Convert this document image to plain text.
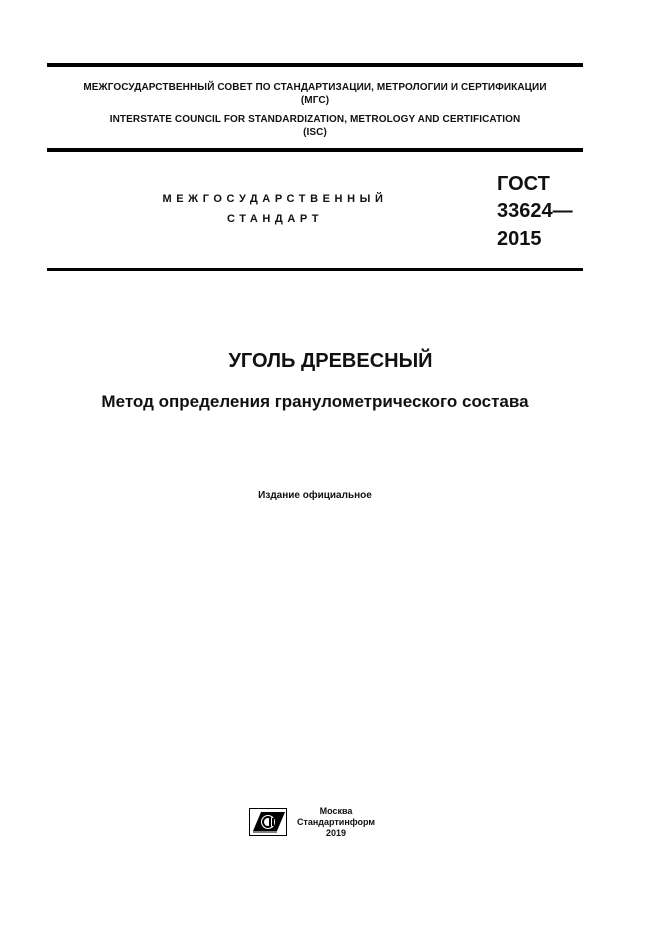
МЕЖГОСУДАРСТВЕННЫЙ СОВЕТ ПО СТАНДАРТИЗАЦИИ, МЕТРОЛОГИИ И СЕРТИФИКАЦИИ
(МГС)
INTERSTATE COUNCIL FOR STANDARDIZATION, METROLOGY AND CERTIFICATION
(ISC)
МЕЖГОСУДАРСТВЕННЫЙ
СТАНДАРТ
ГОСТ
33624—
2015
УГОЛЬ ДРЕВЕСНЫЙ
Метод определения гранулометрического состава
Издание официальное
Москва
Стандартинформ
2019
